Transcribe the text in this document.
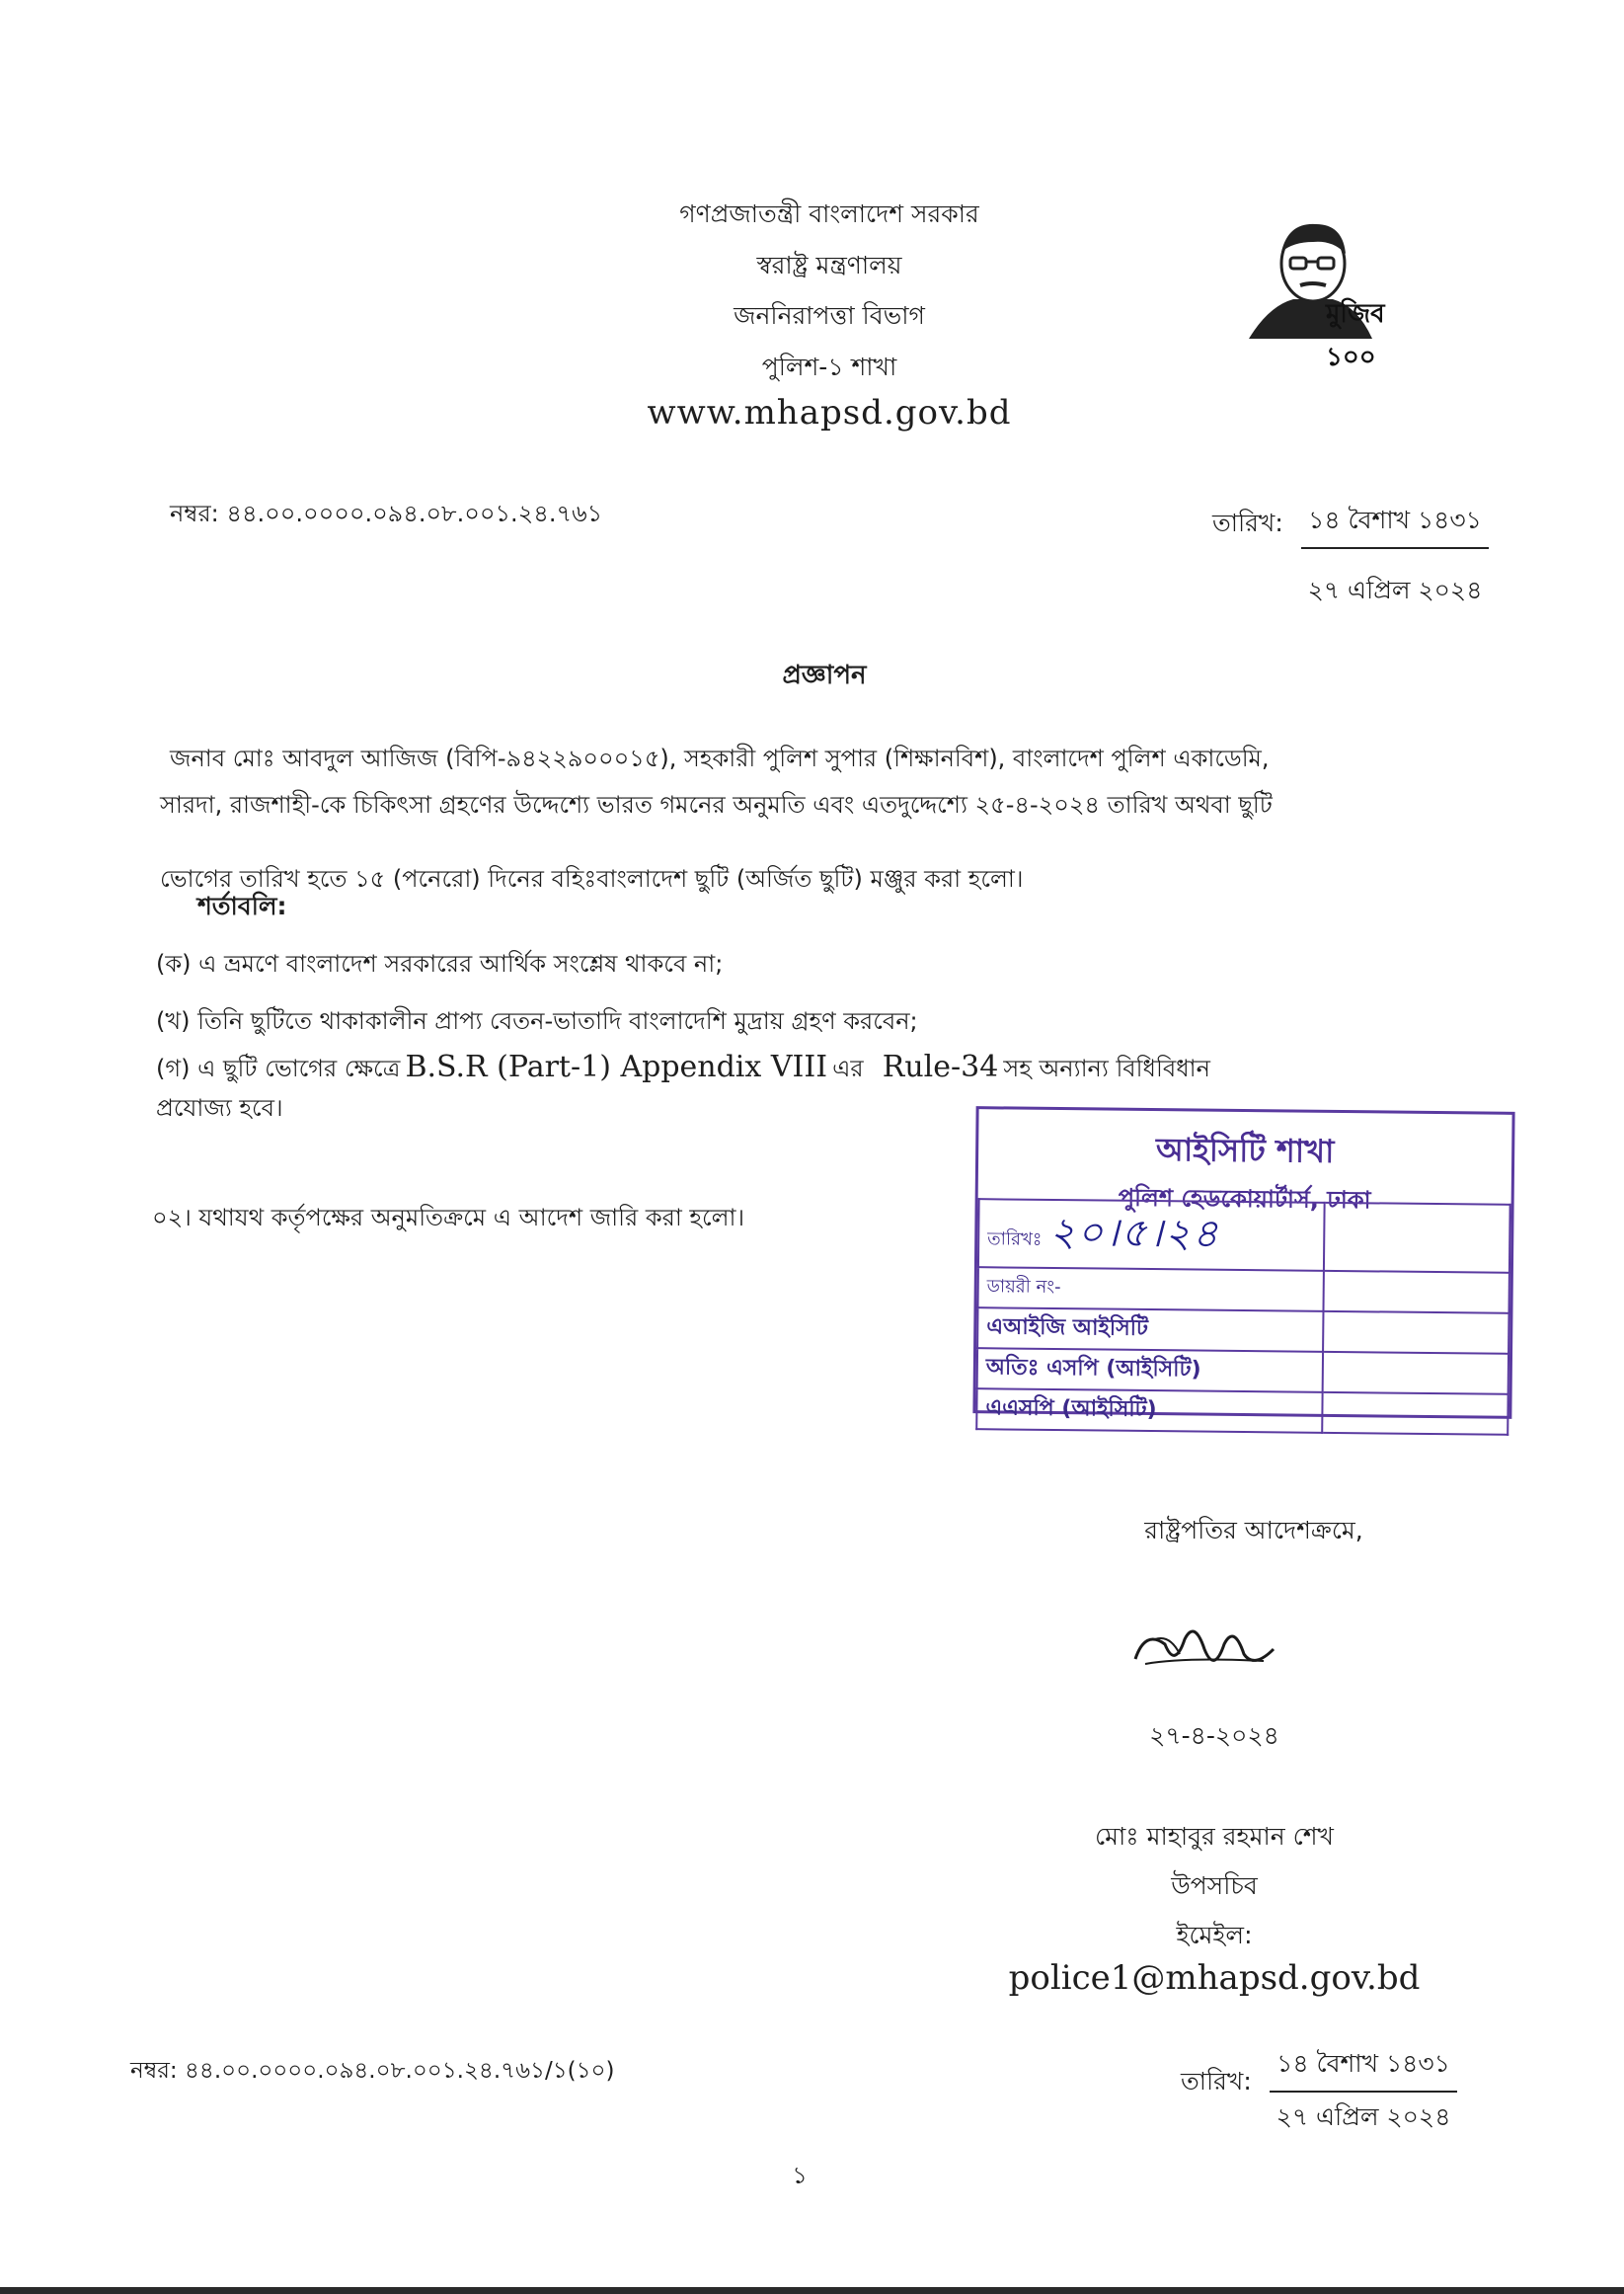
গণপ্রজাতন্ত্রী বাংলাদেশ সরকার
স্বরাষ্ট্র মন্ত্রণালয়
জননিরাপত্তা বিভাগ
পুলিশ-১ শাখা
www.mhapsd.gov.bd
মুজিব ১০০
নম্বর: ৪৪.০০.০০০০.০৯৪.০৮.০০১.২৪.৭৬১	তারিখ: ১৪ বৈশাখ ১৪৩১
২৭ এপ্রিল ২০২৪
প্রজ্ঞাপন
জনাব মোঃ আবদুল আজিজ (বিপি-৯৪২২৯০০০১৫), সহকারী পুলিশ সুপার (শিক্ষানবিশ), বাংলাদেশ পুলিশ একাডেমি,
সারদা, রাজশাহী-কে চিকিৎসা গ্রহণের উদ্দেশ্যে ভারত গমনের অনুমতি এবং এতদুদ্দেশ্যে ২৫-৪-২০২৪ তারিখ অথবা ছুটি
ভোগের তারিখ হতে ১৫ (পনেরো) দিনের বহিঃবাংলাদেশ ছুটি (অর্জিত ছুটি) মঞ্জুর করা হলো।
শর্তাবলি:
(ক) এ ভ্রমণে বাংলাদেশ সরকারের আর্থিক সংশ্লেষ থাকবে না;
(খ) তিনি ছুটিতে থাকাকালীন প্রাপ্য বেতন-ভাতাদি বাংলাদেশি মুদ্রায় গ্রহণ করবেন;
(গ) এ ছুটি ভোগের ক্ষেত্রে B.S.R (Part-1) Appendix VIII এর Rule-34 সহ অন্যান্য বিধিবিধান
প্রযোজ্য হবে।
০২। যথাযথ কর্তৃপক্ষের অনুমতিক্রমে এ আদেশ জারি করা হলো।
আইসিটি শাখা
পুলিশ হেডকোয়ার্টার্স, ঢাকা
তারিখঃ ২০।৫।২৪	
ডায়রী নং-	
এআইজি আইসিটি	
অতিঃ এসপি (আইসিটি)	
এএসপি (আইসিটি)	
রাষ্ট্রপতির আদেশক্রমে,
২৭-৪-২০২৪
মোঃ মাহাবুর রহমান শেখ
উপসচিব
ইমেইল:
police1@mhapsd.gov.bd
নম্বর: ৪৪.০০.০০০০.০৯৪.০৮.০০১.২৪.৭৬১/১(১০)	তারিখ:
১৪ বৈশাখ ১৪৩১
২৭ এপ্রিল ২০২৪
১
